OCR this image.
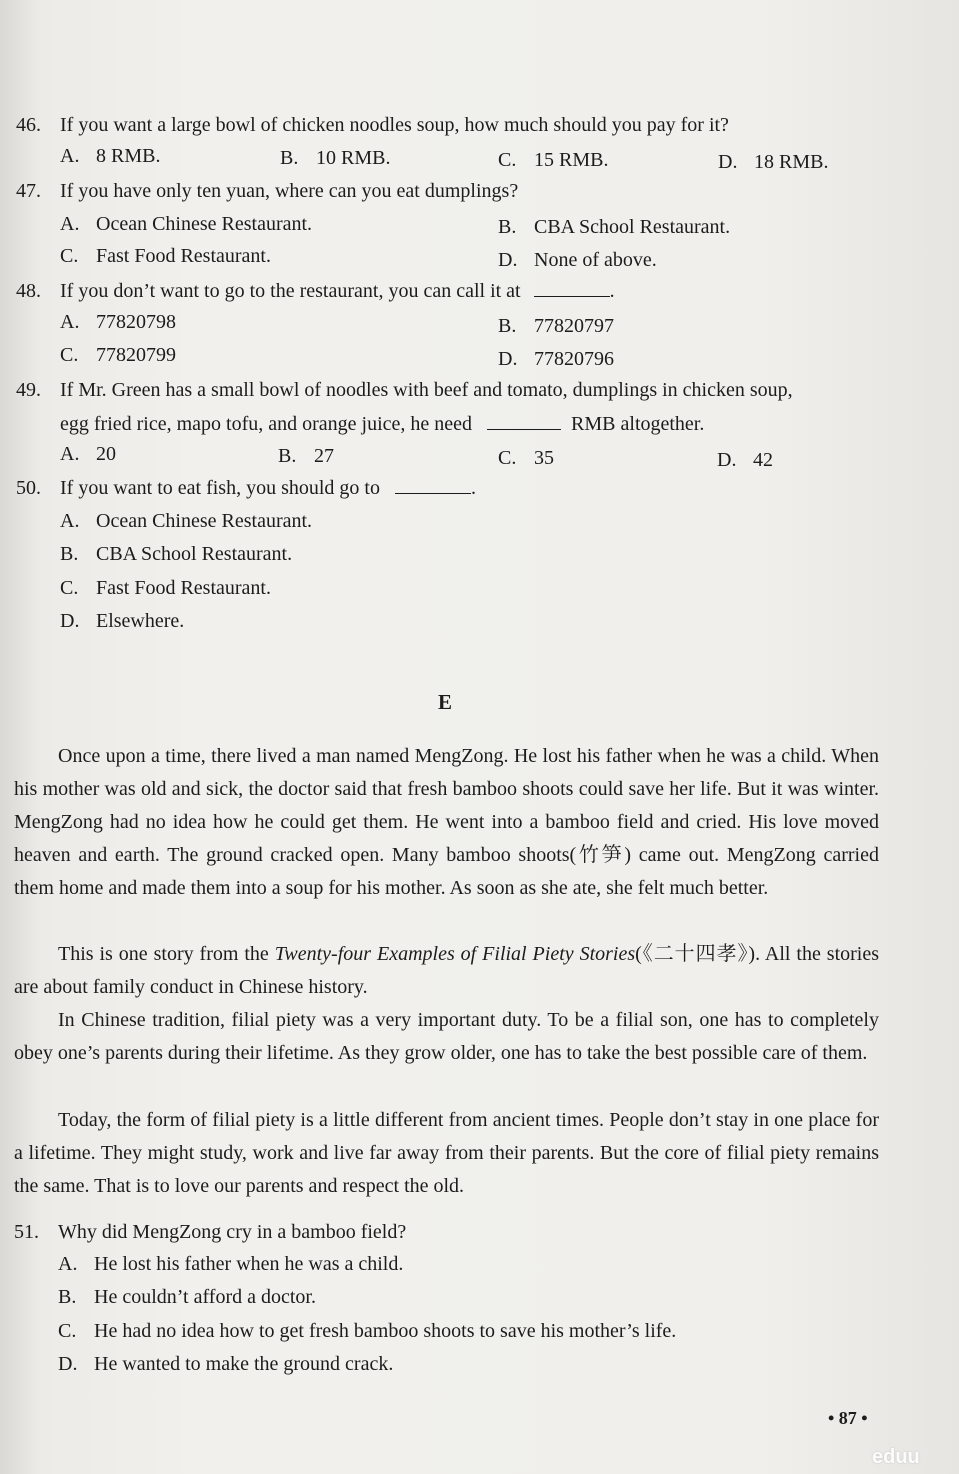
46. If you want a large bowl of chicken noodles soup, how much should you pay for it?
A. 8 RMB.	B. 10 RMB.	C. 15 RMB.	D. 18 RMB.
47. If you have only ten yuan, where can you eat dumplings?
A. Ocean Chinese Restaurant.	B. CBA School Restaurant.
C. Fast Food Restaurant.	D. None of above.
48. If you don’t want to go to the restaurant, you can call it at	.
A. 77820798	B. 77820797
C. 77820799	D. 77820796
49. If Mr. Green has a small bowl of noodles with beef and tomato, dumplings in chicken soup,
egg fried rice, mapo tofu, and orange juice, he need	RMB altogether.
A. 20	B. 27	C. 35	D. 42
50. If you want to eat fish, you should go to	.
A. Ocean Chinese Restaurant.
B. CBA School Restaurant.
C. Fast Food Restaurant.
D. Elsewhere.
E
Once upon a time, there lived a man named MengZong. He lost his father when he was a child. When his mother was old and sick, the doctor said that fresh bamboo shoots could save her life. But it was winter. MengZong had no idea how he could get them. He went into a bamboo field and cried. His love moved heaven and earth. The ground cracked open. Many bamboo shoots(竹笋) came out. MengZong carried them home and made them into a soup for his mother. As soon as she ate, she felt much better.
This is one story from the Twenty-four Examples of Filial Piety Stories(《二十四孝》). All the stories are about family conduct in Chinese history.
In Chinese tradition, filial piety was a very important duty. To be a filial son, one has to completely obey one’s parents during their lifetime. As they grow older, one has to take the best possible care of them.
Today, the form of filial piety is a little different from ancient times. People don’t stay in one place for a lifetime. They might study, work and live far away from their parents. But the core of filial piety remains the same. That is to love our parents and respect the old.
51. Why did MengZong cry in a bamboo field?
A. He lost his father when he was a child.
B. He couldn’t afford a doctor.
C. He had no idea how to get fresh bamboo shoots to save his mother’s life.
D. He wanted to make the ground crack.
• 87 •
eduu
